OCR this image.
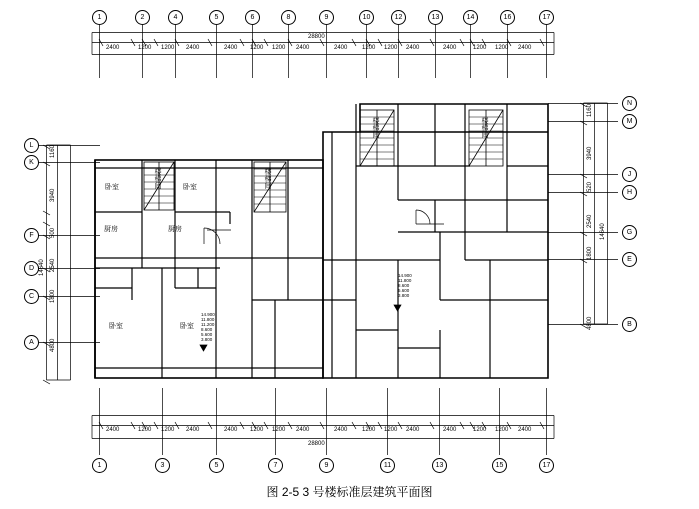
1	2	4	5	6	8	9	10	12	13	14	16	17
1	3	5	7	9	11	13	15	17
L
K
F
D
C
A
N
M
J
H
G
E
B
28800
2400	1200 1200 2400	2400 1200 1200 2400	2400 1200 1200 2400	2400	1200 1200 2400
2400	1200 1200 2400	2400 1200 1200 2400	2400 1200 1200 2400	2400	1200 1200 2400
28800
1160
3940
500
2540
1800
4800
14640
1160
3940
520
2540
1800
4800
14640
卧室	楼梯间	卧室	楼梯间
厨房	厨房
卧室	卧室
楼梯间	楼梯间
14.900
11.800
11.200
8.600
5.600
3.800
14.900
11.800
8.600
5.600
3.800
图 2-5 3 号楼标准层建筑平面图
